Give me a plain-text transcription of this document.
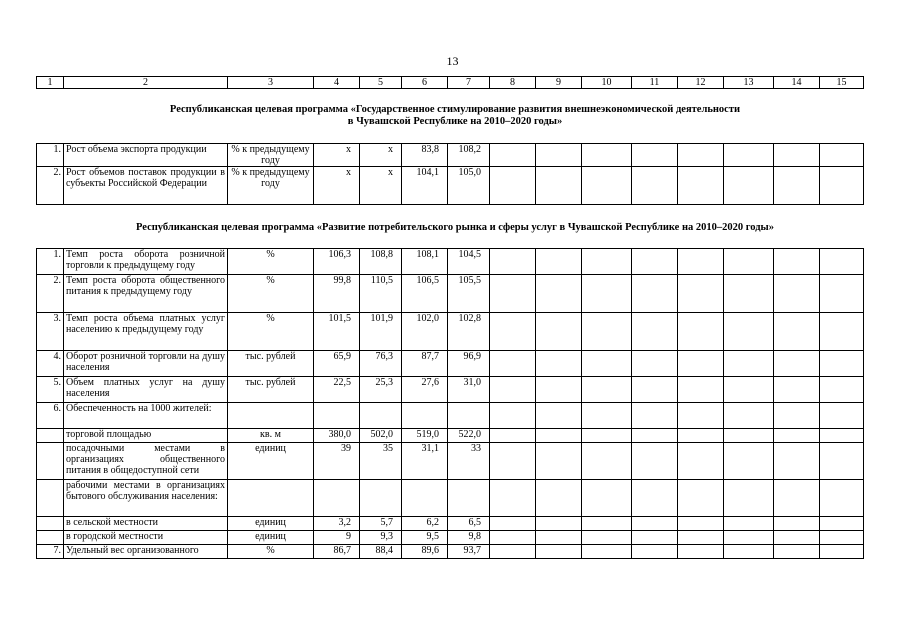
13
1	2	3	4	5	6	7	8	9	10	11	12	13	14	15
Республиканская целевая программа «Государственное стимулирование развития внешнеэкономической деятельности
в Чувашской Республике на 2010–2020 годы»
1.	Рост объема экспорта продукции	% к предыдущему году	x	x	83,8	108,2								
2.	Рост объемов поставок продукции в субъекты Российской Федерации	% к предыдущему году	x	x	104,1	105,0								
Республиканская целевая программа «Развитие потребительского рынка и сферы услуг в Чувашской Республике на 2010–2020 годы»
1.	Темп роста оборота розничной торговли к предыдущему году	%	106,3	108,8	108,1	104,5								
2.	Темп роста оборота общественного питания к предыдущему году	%	99,8	110,5	106,5	105,5								
3.	Темп роста объема платных услуг населению к предыдущему году	%	101,5	101,9	102,0	102,8								
4.	Оборот розничной торговли на душу населения	тыс. рублей	65,9	76,3	87,7	96,9								
5.	Объем платных услуг на душу населения	тыс. рублей	22,5	25,3	27,6	31,0								
6.	Обеспеченность на 1000 жителей:													
	торговой площадью	кв. м	380,0	502,0	519,0	522,0								
	посадочными местами в организациях общественного питания в общедоступной сети	единиц	39	35	31,1	33								
	рабочими местами в организациях бытового обслуживания населения:													
	в сельской местности	единиц	3,2	5,7	6,2	6,5								
	в городской местности	единиц	9	9,3	9,5	9,8								
7.	Удельный вес организованного	%	86,7	88,4	89,6	93,7								
